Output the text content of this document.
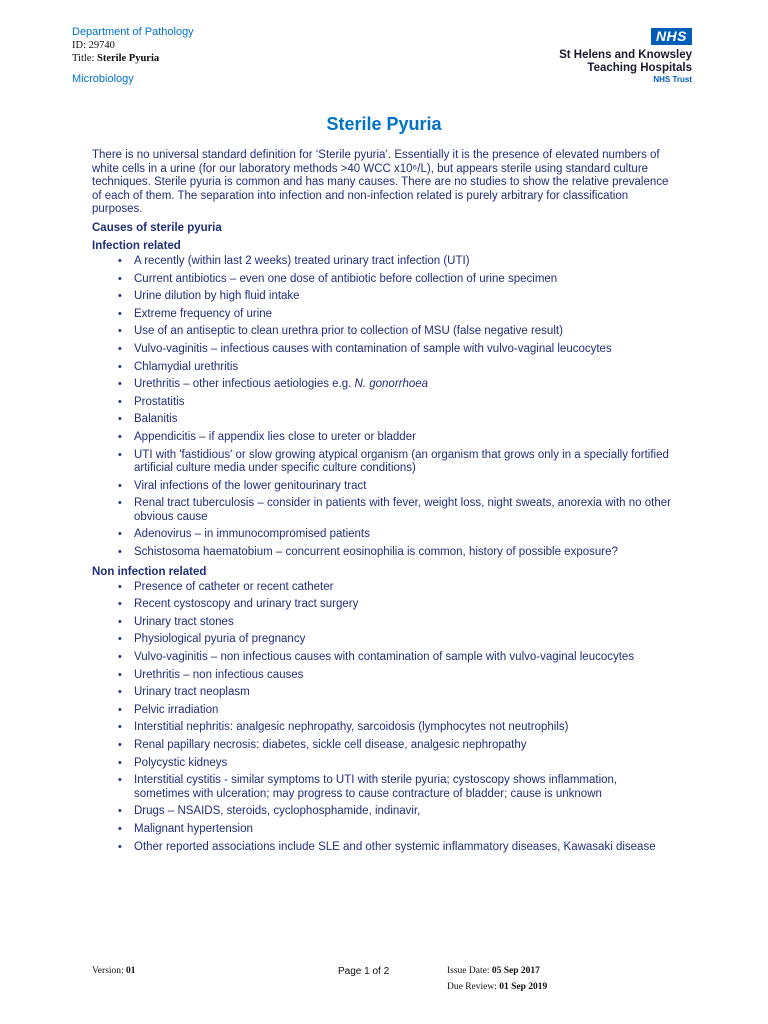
Department of Pathology
ID: 29740
Title: Sterile Pyuria
Microbiology
NHS
St Helens and Knowsley
Teaching Hospitals
NHS Trust
Sterile Pyuria

There is no universal standard definition for ‘Sterile pyuria’. Essentially it is the presence of elevated numbers of white cells in a urine (for our laboratory methods >40 WCC x10⁶/L), but appears sterile using standard culture techniques. Sterile pyuria is common and has many causes. There are no studies to show the relative prevalence of each of them. The separation into infection and non-infection related is purely arbitrary for classification purposes.

Causes of sterile pyuria
Infection related
• A recently (within last 2 weeks) treated urinary tract infection (UTI)
• Current antibiotics – even one dose of antibiotic before collection of urine specimen
• Urine dilution by high fluid intake
• Extreme frequency of urine
• Use of an antiseptic to clean urethra prior to collection of MSU (false negative result)
• Vulvo-vaginitis – infectious causes with contamination of sample with vulvo-vaginal leucocytes
• Chlamydial urethritis
• Urethritis – other infectious aetiologies e.g. N. gonorrhoea
• Prostatitis
• Balanitis
• Appendicitis – if appendix lies close to ureter or bladder
• UTI with 'fastidious' or slow growing atypical organism (an organism that grows only in a specially fortified artificial culture media under specific culture conditions)
• Viral infections of the lower genitourinary tract
• Renal tract tuberculosis – consider in patients with fever, weight loss, night sweats, anorexia with no other obvious cause
• Adenovirus – in immunocompromised patients
• Schistosoma haematobium – concurrent eosinophilia is common, history of possible exposure?
Non infection related
• Presence of catheter or recent catheter
• Recent cystoscopy and urinary tract surgery
• Urinary tract stones
• Physiological pyuria of pregnancy
• Vulvo-vaginitis – non infectious causes with contamination of sample with vulvo-vaginal leucocytes
• Urethritis – non infectious causes
• Urinary tract neoplasm
• Pelvic irradiation
• Interstitial nephritis: analgesic nephropathy, sarcoidosis (lymphocytes not neutrophils)
• Renal papillary necrosis: diabetes, sickle cell disease, analgesic nephropathy
• Polycystic kidneys
• Interstitial cystitis - similar symptoms to UTI with sterile pyuria; cystoscopy shows inflammation, sometimes with ulceration; may progress to cause contracture of bladder; cause is unknown
• Drugs – NSAIDS, steroids, cyclophosphamide, indinavir,
• Malignant hypertension
• Other reported associations include SLE and other systemic inflammatory diseases, Kawasaki disease
Version: 01	Page 1 of 2	Issue Date: 05 Sep 2017
Due Review: 01 Sep 2019
